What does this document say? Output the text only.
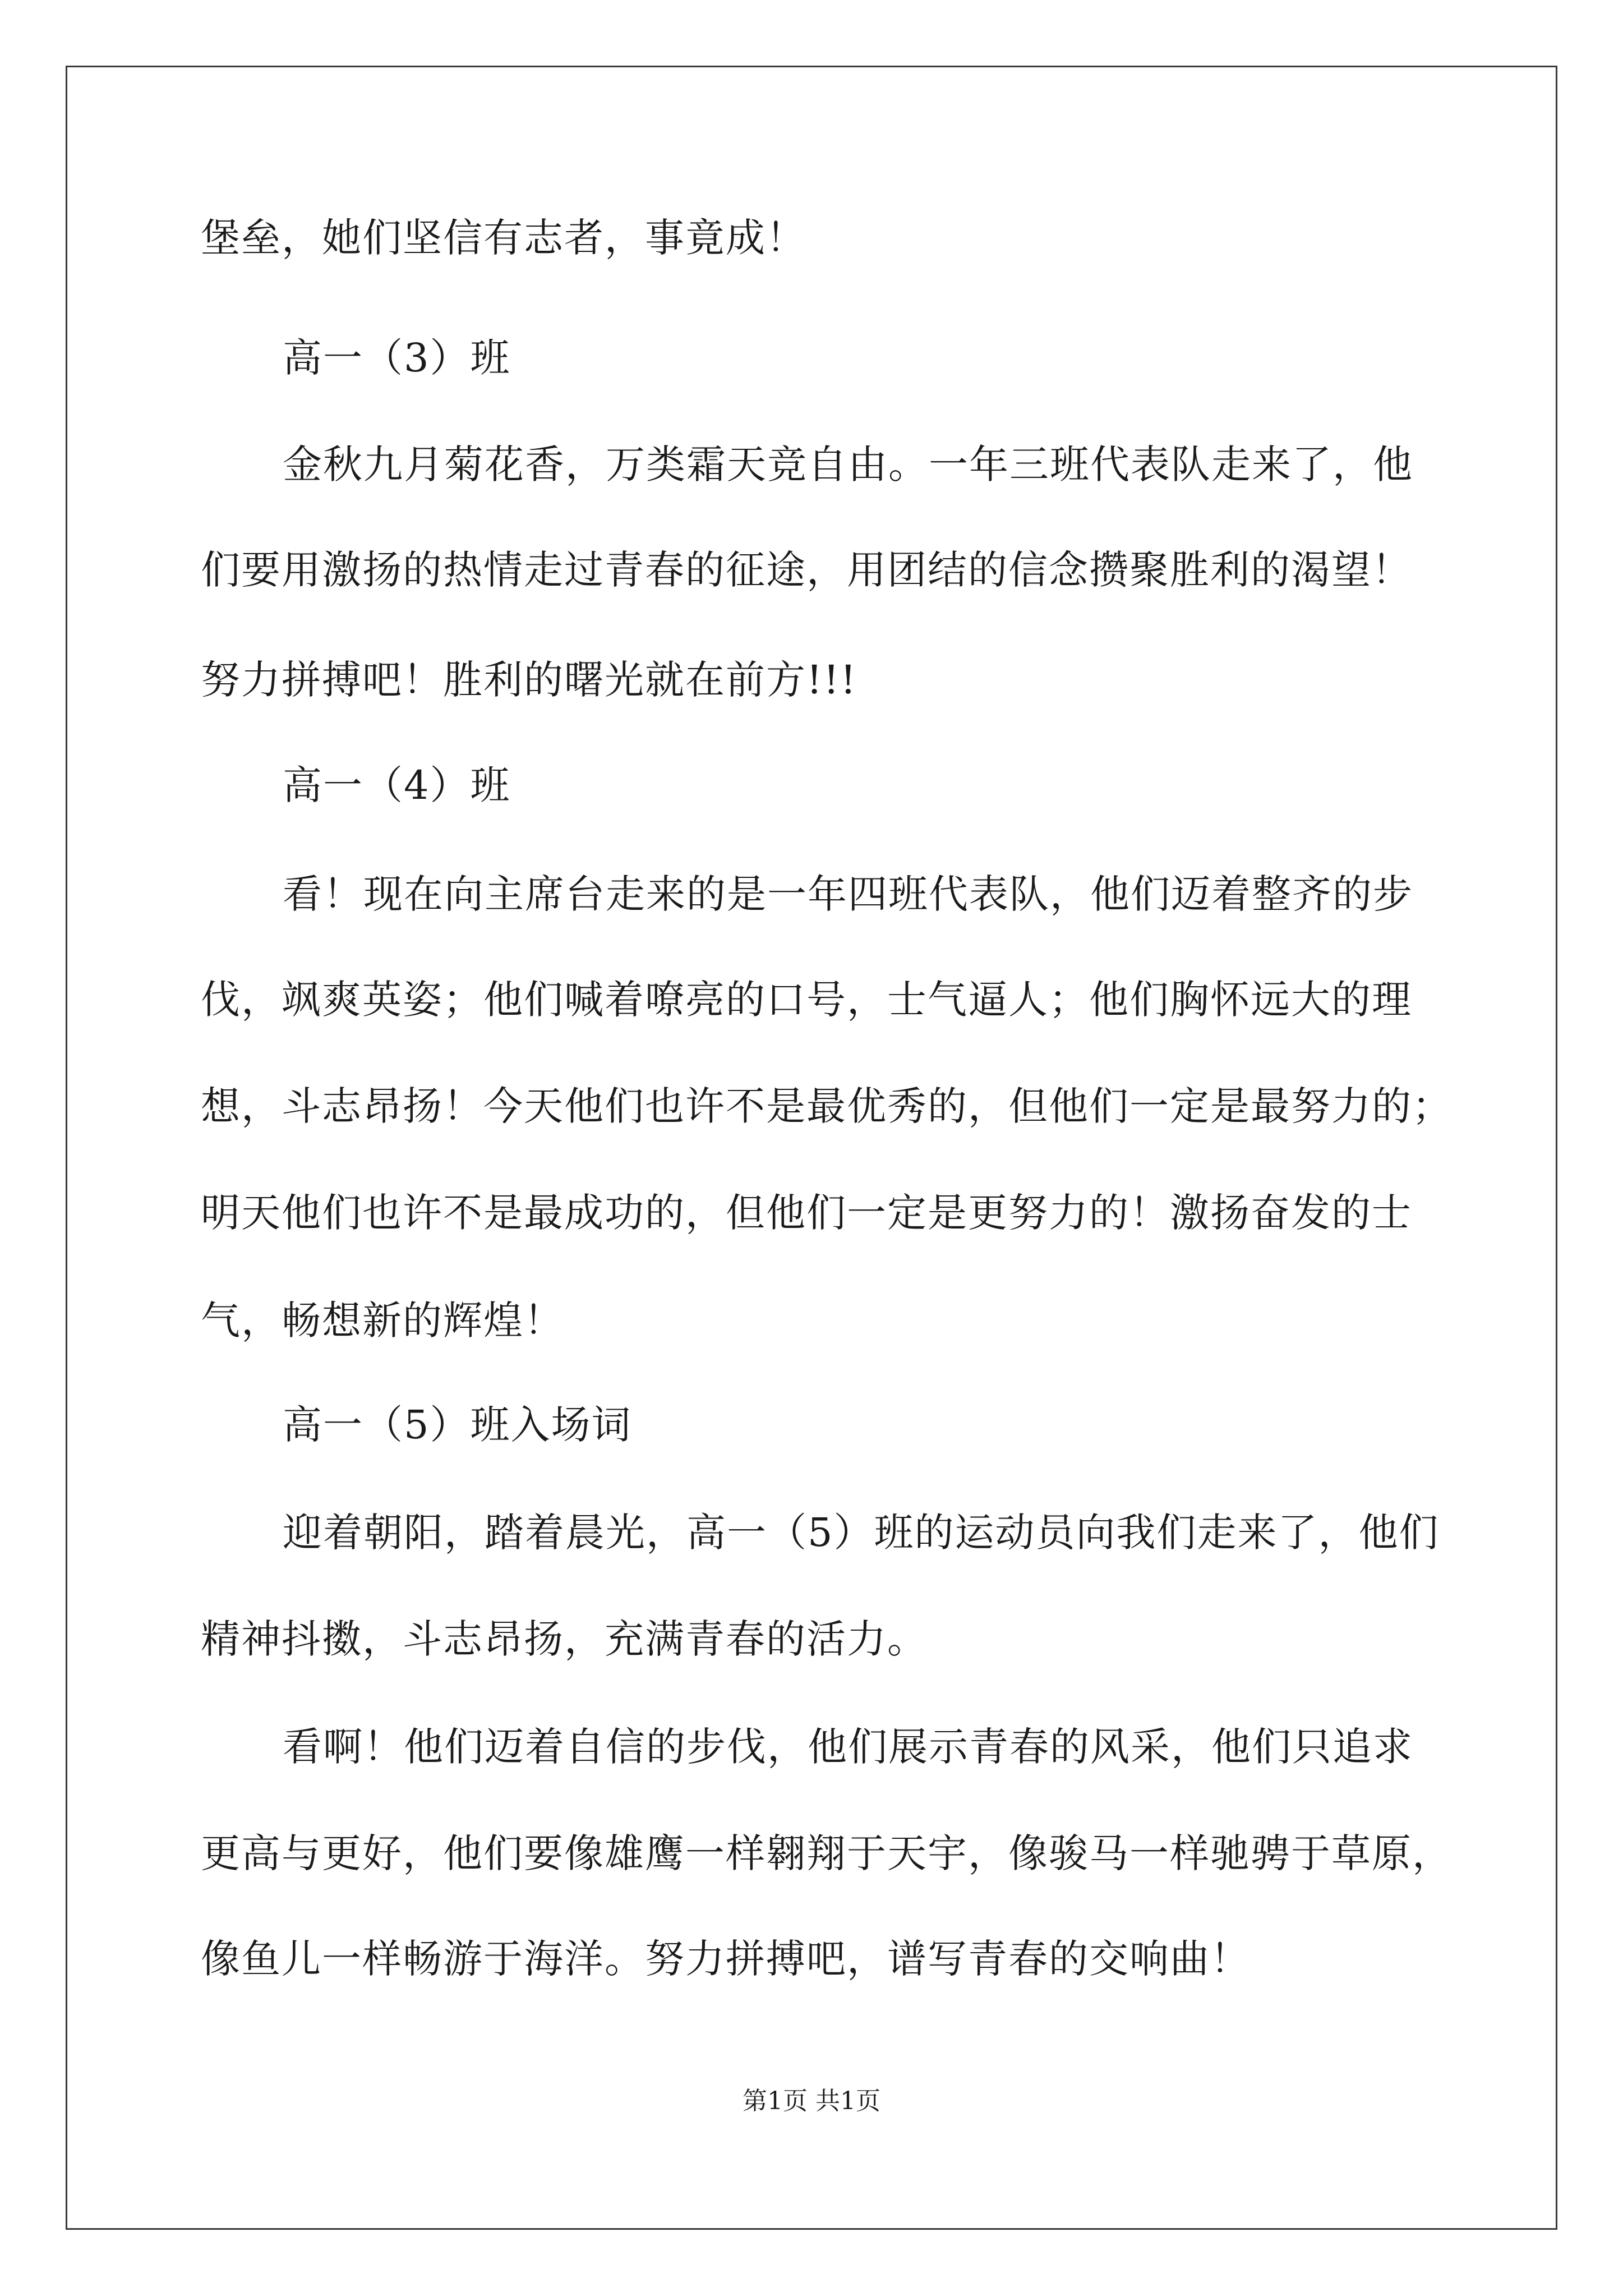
堡垒，她们坚信有志者，事竟成！
高一（3）班
金秋九月菊花香，万类霜天竞自由。一年三班代表队走来了，他
们要用激扬的热情走过青春的征途，用团结的信念攒聚胜利的渴望！
努力拼搏吧！胜利的曙光就在前方!!!
高一（4）班
看！现在向主席台走来的是一年四班代表队，他们迈着整齐的步
伐，飒爽英姿；他们喊着嘹亮的口号，士气逼人；他们胸怀远大的理
想，斗志昂扬！今天他们也许不是最优秀的，但他们一定是最努力的；
明天他们也许不是最成功的，但他们一定是更努力的！激扬奋发的士
气，畅想新的辉煌！
高一（5）班入场词
迎着朝阳，踏着晨光，高一（5）班的运动员向我们走来了，他们
精神抖擞，斗志昂扬，充满青春的活力。
看啊！他们迈着自信的步伐，他们展示青春的风采，他们只追求
更高与更好，他们要像雄鹰一样翱翔于天宇，像骏马一样驰骋于草原，
像鱼儿一样畅游于海洋。努力拼搏吧，谱写青春的交响曲！
第1页 共1页
